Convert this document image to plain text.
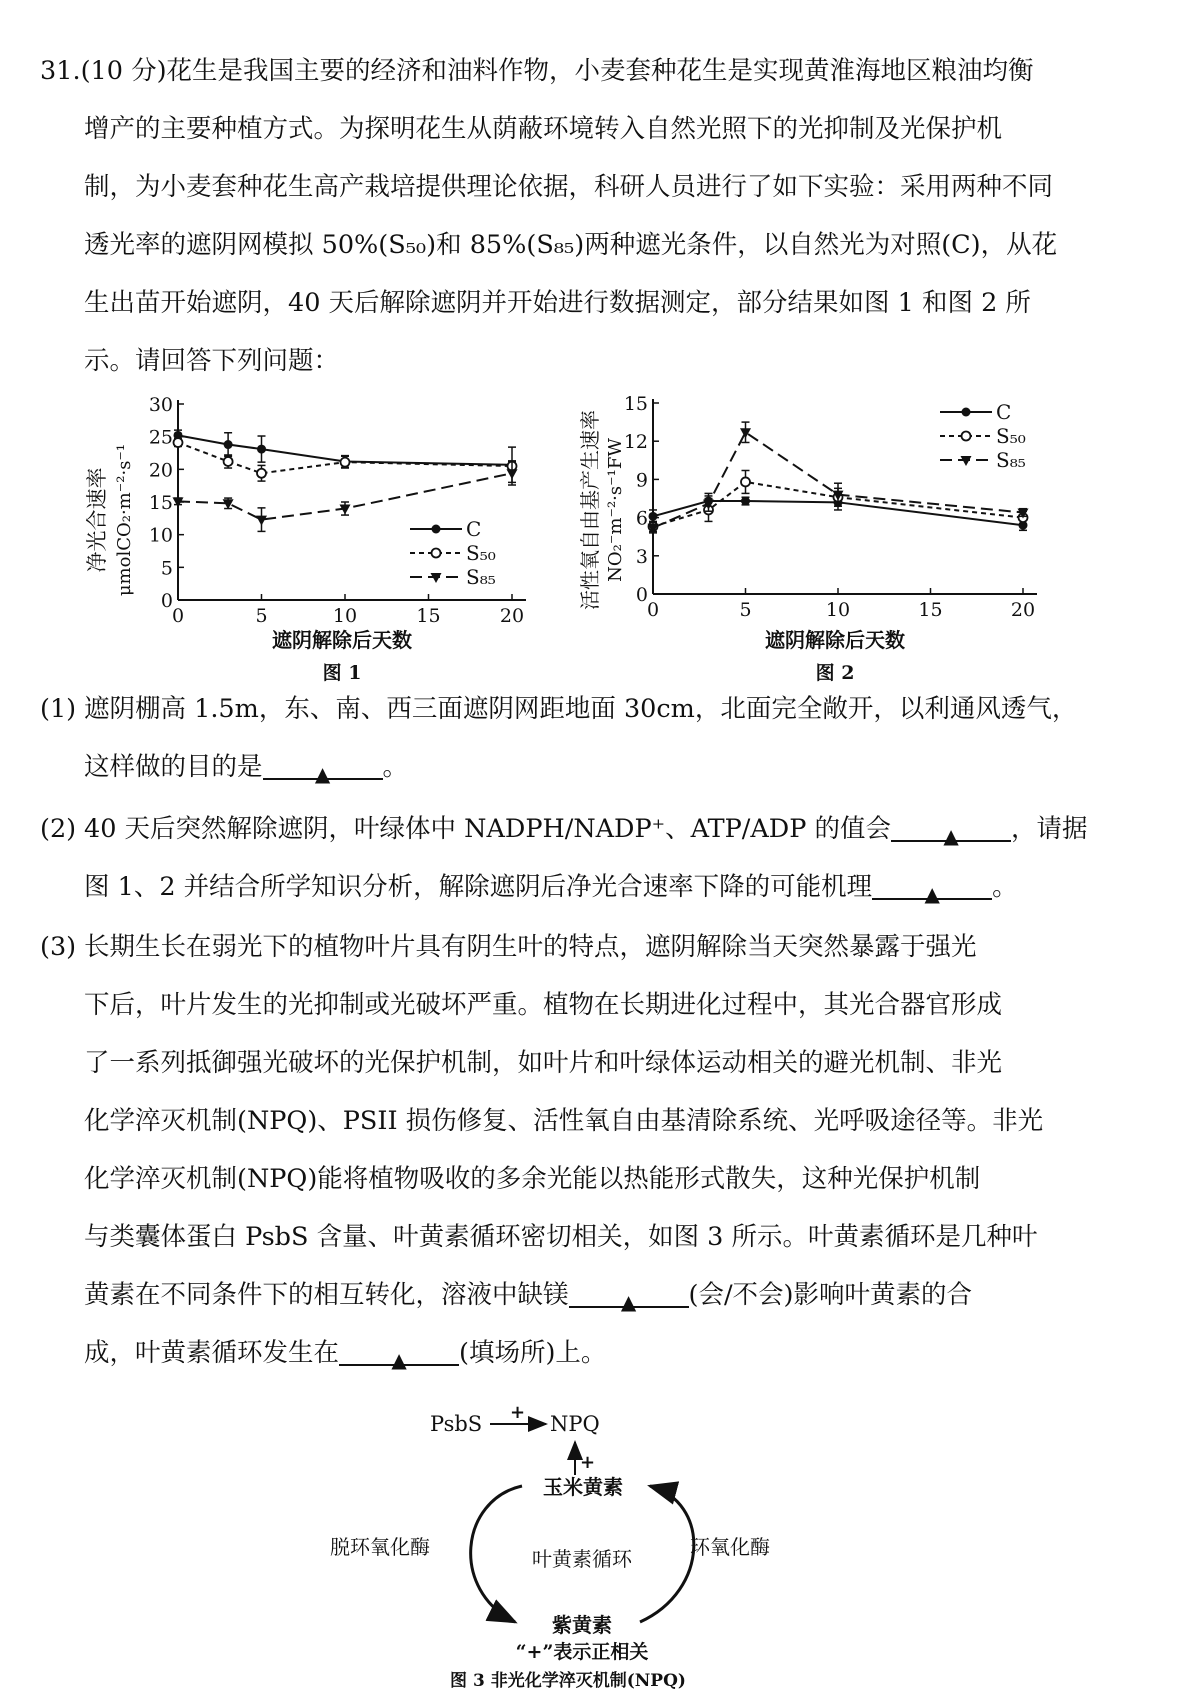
31.(10 分)花生是我国主要的经济和油料作物，小麦套种花生是实现黄淮海地区粮油均衡

增产的主要种植方式。为探明花生从荫蔽环境转入自然光照下的光抑制及光保护机

制，为小麦套种花生高产栽培提供理论依据，科研人员进行了如下实验：采用两种不同

透光率的遮阴网模拟 50%(S₅₀)和 85%(S₈₅)两种遮光条件，以自然光为对照(C)，从花

生出苗开始遮阴，40 天后解除遮阴并开始进行数据测定，部分结果如图 1 和图 2 所

示。请回答下列问题：

净光合速率 μmolCO₂·m⁻²·s⁻¹
0
5
10
15
20
25
30
0	5	10	15	20
C
S₅₀
S₈₅
遮阴解除后天数
图 1
活性氧自由基产生速率 NO₂⁻m⁻²·s⁻¹FW
0
3
6
9
12
15
0	5	10	15	20
C
S₅₀
S₈₅
遮阴解除后天数
图 2

(1) 遮阴棚高 1.5m，东、南、西三面遮阴网距地面 30cm，北面完全敞开，以利通风透气，

这样做的目的是	▲ 。

(2) 40 天后突然解除遮阴，叶绿体中 NADPH/NADP⁺、ATP/ADP 的值会	▲ ，请据

图 1、2 并结合所学知识分析，解除遮阴后净光合速率下降的可能机理	▲ 。

(3) 长期生长在弱光下的植物叶片具有阴生叶的特点，遮阴解除当天突然暴露于强光

下后，叶片发生的光抑制或光破坏严重。植物在长期进化过程中，其光合器官形成

了一系列抵御强光破坏的光保护机制，如叶片和叶绿体运动相关的避光机制、非光

化学淬灭机制(NPQ)、PSII 损伤修复、活性氧自由基清除系统、光呼吸途径等。非光

化学淬灭机制(NPQ)能将植物吸收的多余光能以热能形式散失，这种光保护机制

与类囊体蛋白 PsbS 含量、叶黄素循环密切相关，如图 3 所示。叶黄素循环是几种叶

黄素在不同条件下的相互转化，溶液中缺镁	▲ (会/不会)影响叶黄素的合

成，叶黄素循环发生在	▲ (填场所)上。

PsbS + NPQ
+
玉米黄素
脱环氧化酶	环氧化酶
叶黄素循环
紫黄素
“+”表示正相关
图 3 非光化学淬灭机制(NPQ)
